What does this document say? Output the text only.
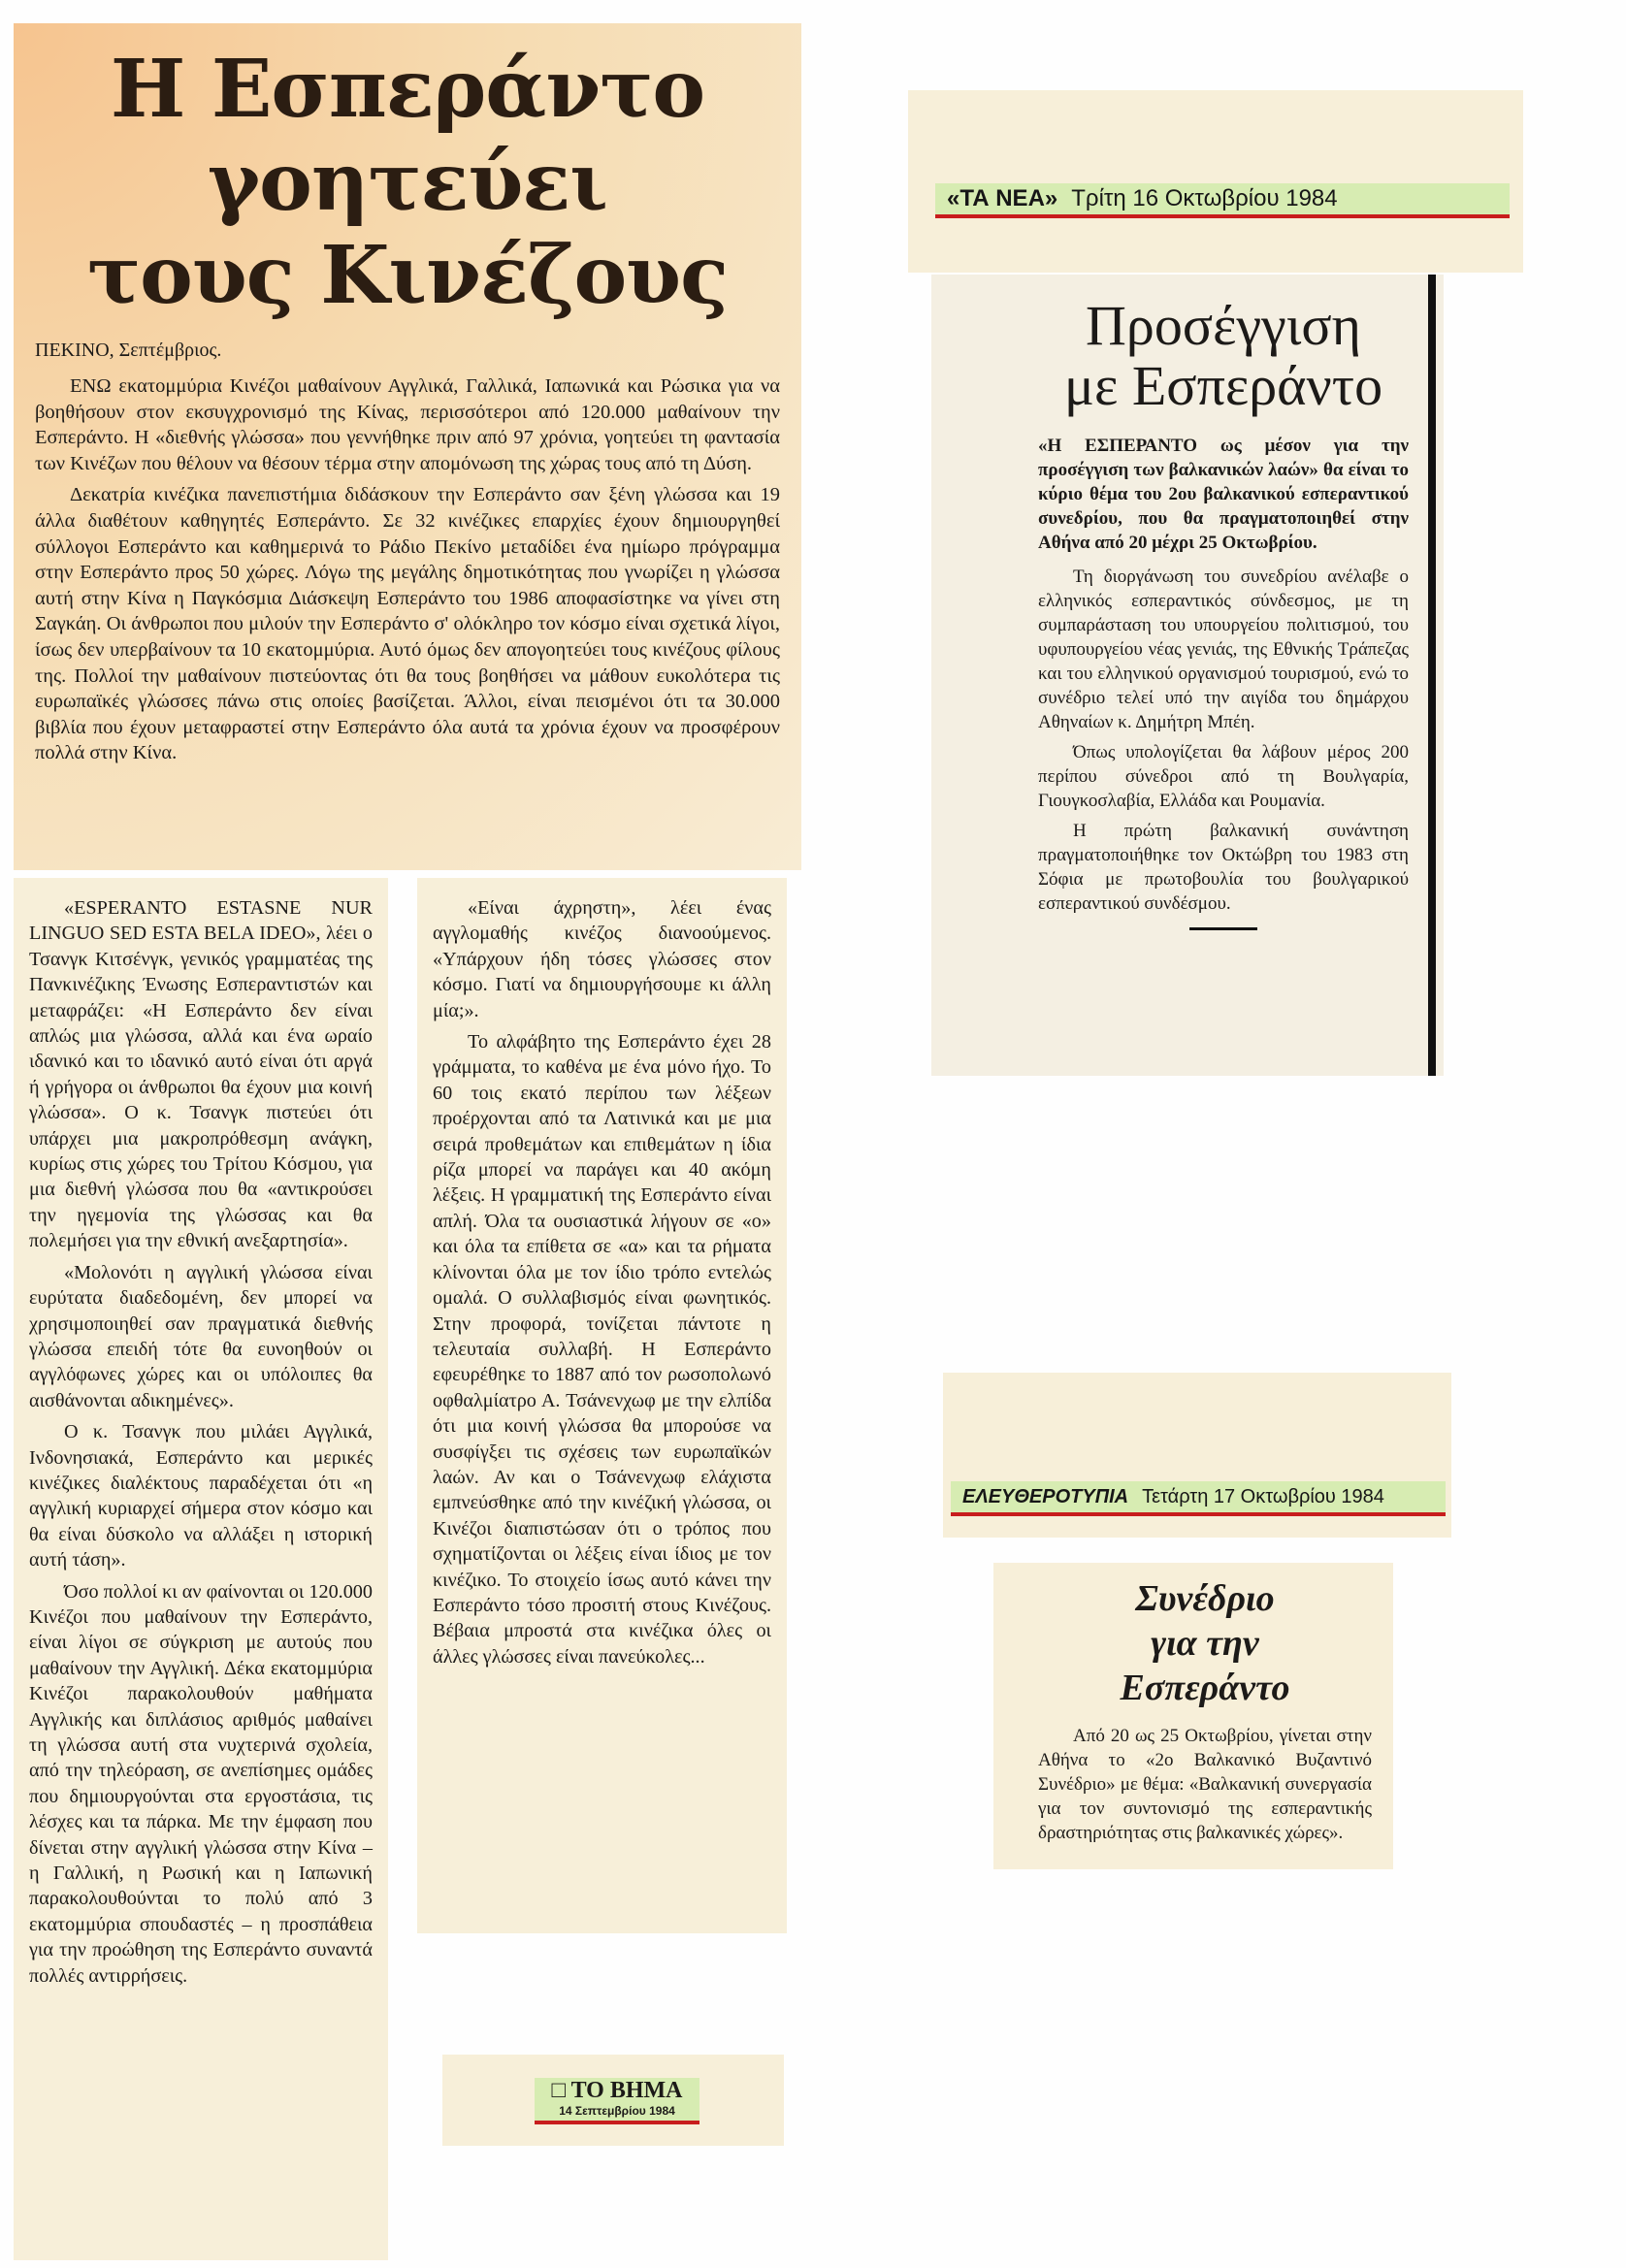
Η Εσπεράντο
γοητεύει
τους Κινέζους
ΠΕΚΙΝΟ, Σεπτέμβριος.

ΕΝΩ εκατομμύρια Κινέζοι μαθαίνουν Αγγλικά, Γαλλικά, Ιαπωνικά και Ρώσικα για να βοηθήσουν στον εκσυγχρονισμό της Κίνας, περισσότεροι από 120.000 μαθαίνουν την Εσπεράντο. Η «διεθνής γλώσσα» που γεννήθηκε πριν από 97 χρόνια, γοητεύει τη φαντασία των Κινέζων που θέλουν να θέσουν τέρμα στην απομόνωση της χώρας τους από τη Δύση.

Δεκατρία κινέζικα πανεπιστήμια διδάσκουν την Εσπεράντο σαν ξένη γλώσσα και 19 άλλα διαθέτουν καθηγητές Εσπεράντο. Σε 32 κινέζικες επαρχίες έχουν δημιουργηθεί σύλλογοι Εσπεράντο και καθημερινά το Ράδιο Πεκίνο μεταδίδει ένα ημίωρο πρόγραμμα στην Εσπεράντο προς 50 χώρες. Λόγω της μεγάλης δημοτικότητας που γνωρίζει η γλώσσα αυτή στην Κίνα η Παγκόσμια Διάσκεψη Εσπεράντο του 1986 αποφασίστηκε να γίνει στη Σαγκάη. Οι άνθρωποι που μιλούν την Εσπεράντο σ' ολόκληρο τον κόσμο είναι σχετικά λίγοι, ίσως δεν υπερβαίνουν τα 10 εκατομμύρια. Αυτό όμως δεν απογοητεύει τους κινέζους φίλους της. Πολλοί την μαθαίνουν πιστεύοντας ότι θα τους βοηθήσει να μάθουν ευκολότερα τις ευρωπαϊκές γλώσσες πάνω στις οποίες βασίζεται. Άλλοι, είναι πεισμένοι ότι τα 30.000 βιβλία που έχουν μεταφραστεί στην Εσπεράντο όλα αυτά τα χρόνια έχουν να προσφέρουν πολλά στην Κίνα.

«ESPERANTO ESTASNE NUR LINGUO SED ESTA BELA IDEO», λέει ο Τσανγκ Κιτσένγκ, γενικός γραμματέας της Πανκινέζικης Ένωσης Εσπεραντιστών και μεταφράζει: «Η Εσπεράντο δεν είναι απλώς μια γλώσσα, αλλά και ένα ωραίο ιδανικό και το ιδανικό αυτό είναι ότι αργά ή γρήγορα οι άνθρωποι θα έχουν μια κοινή γλώσσα». Ο κ. Τσανγκ πιστεύει ότι υπάρχει μια μακροπρόθεσμη ανάγκη, κυρίως στις χώρες του Τρίτου Κόσμου, για μια διεθνή γλώσσα που θα «αντικρούσει την ηγεμονία της γλώσσας και θα πολεμήσει για την εθνική ανεξαρτησία».

«Μολονότι η αγγλική γλώσσα είναι ευρύτατα διαδεδομένη, δεν μπορεί να χρησιμοποιηθεί σαν πραγματικά διεθνής γλώσσα επειδή τότε θα ευνοηθούν οι αγγλόφωνες χώρες και οι υπόλοιπες θα αισθάνονται αδικημένες».

Ο κ. Τσανγκ που μιλάει Αγγλικά, Ινδονησιακά, Εσπεράντο και μερικές κινέζικες διαλέκτους παραδέχεται ότι «η αγγλική κυριαρχεί σήμερα στον κόσμο και θα είναι δύσκολο να αλλάξει η ιστορική αυτή τάση».

Όσο πολλοί κι αν φαίνονται οι 120.000 Κινέζοι που μαθαίνουν την Εσπεράντο, είναι λίγοι σε σύγκριση με αυτούς που μαθαίνουν την Αγγλική. Δέκα εκατομμύρια Κινέζοι παρακολουθούν μαθήματα Αγγλικής και διπλάσιος αριθμός μαθαίνει τη γλώσσα αυτή στα νυχτερινά σχολεία, από την τηλεόραση, σε ανεπίσημες ομάδες που δημιουργούνται στα εργοστάσια, τις λέσχες και τα πάρκα. Με την έμφαση που δίνεται στην αγγλική γλώσσα στην Κίνα – η Γαλλική, η Ρωσική και η Ιαπωνική παρακολουθούνται το πολύ από 3 εκατομμύρια σπουδαστές – η προσπάθεια για την προώθηση της Εσπεράντο συναντά πολλές αντιρρήσεις.

«Είναι άχρηστη», λέει ένας αγγλομαθής κινέζος διανοούμενος. «Υπάρχουν ήδη τόσες γλώσσες στον κόσμο. Γιατί να δημιουργήσουμε κι άλλη μία;».

Το αλφάβητο της Εσπεράντο έχει 28 γράμματα, το καθένα με ένα μόνο ήχο. Το 60 τοις εκατό περίπου των λέξεων προέρχονται από τα Λατινικά και με μια σειρά προθεμάτων και επιθεμάτων η ίδια ρίζα μπορεί να παράγει και 40 ακόμη λέξεις. Η γραμματική της Εσπεράντο είναι απλή. Όλα τα ουσιαστικά λήγουν σε «ο» και όλα τα επίθετα σε «α» και τα ρήματα κλίνονται όλα με τον ίδιο τρόπο εντελώς ομαλά. Ο συλλαβισμός είναι φωνητικός. Στην προφορά, τονίζεται πάντοτε η τελευταία συλλαβή. Η Εσπεράντο εφευρέθηκε το 1887 από τον ρωσοπολωνό οφθαλμίατρο Α. Τσάνενχωφ με την ελπίδα ότι μια κοινή γλώσσα θα μπορούσε να συσφίγξει τις σχέσεις των ευρωπαϊκών λαών. Αν και ο Τσάνενχωφ ελάχιστα εμπνεύσθηκε από την κινέζική γλώσσα, οι Κινέζοι διαπιστώσαν ότι ο τρόπος που σχηματίζονται οι λέξεις είναι ίδιος με τον κινέζικο. Το στοιχείο ίσως αυτό κάνει την Εσπεράντο τόσο προσιτή στους Κινέζους. Βέβαια μπροστά στα κινέζικα όλες οι άλλες γλώσσες είναι πανεύκολες...

□ ΤΟ ΒΗΜΑ
14 Σεπτεμβρίου 1984
«ΤΑ ΝΕΑ» Τρίτη 16 Οκτωβρίου 1984
Προσέγγιση
με Εσπεράντο

«Η ΕΣΠΕΡΑΝΤΟ ως μέσον για την προσέγγιση των βαλκανικών λαών» θα είναι το κύριο θέμα του 2ου βαλκανικού εσπεραντικού συνεδρίου, που θα πραγματοποιηθεί στην Αθήνα από 20 μέχρι 25 Οκτωβρίου.

Τη διοργάνωση του συνεδρίου ανέλαβε ο ελληνικός εσπεραντικός σύνδεσμος, με τη συμπαράσταση του υπουργείου πολιτισμού, του υφυπουργείου νέας γενιάς, της Εθνικής Τράπεζας και του ελληνικού οργανισμού τουρισμού, ενώ το συνέδριο τελεί υπό την αιγίδα του δημάρχου Αθηναίων κ. Δημήτρη Μπέη.

Όπως υπολογίζεται θα λάβουν μέρος 200 περίπου σύνεδροι από τη Βουλγαρία, Γιουγκοσλαβία, Ελλάδα και Ρουμανία.

Η πρώτη βαλκανική συνάντηση πραγματοποιήθηκε τον Οκτώβρη του 1983 στη Σόφια με πρωτοβουλία του βουλγαρικού εσπεραντικού συνδέσμου.

ΕΛΕΥΘΕΡΟΤΥΠΙΑ Τετάρτη 17 Οκτωβρίου 1984
Συνέδριο
για την
Εσπεράντο

Από 20 ως 25 Οκτωβρίου, γίνεται στην Αθήνα το «2ο Βαλκανικό Βυζαντινό Συνέδριο» με θέμα: «Βαλκανική συνεργασία για τον συντονισμό της εσπεραντικής δραστηριότητας στις βαλκανικές χώρες».
